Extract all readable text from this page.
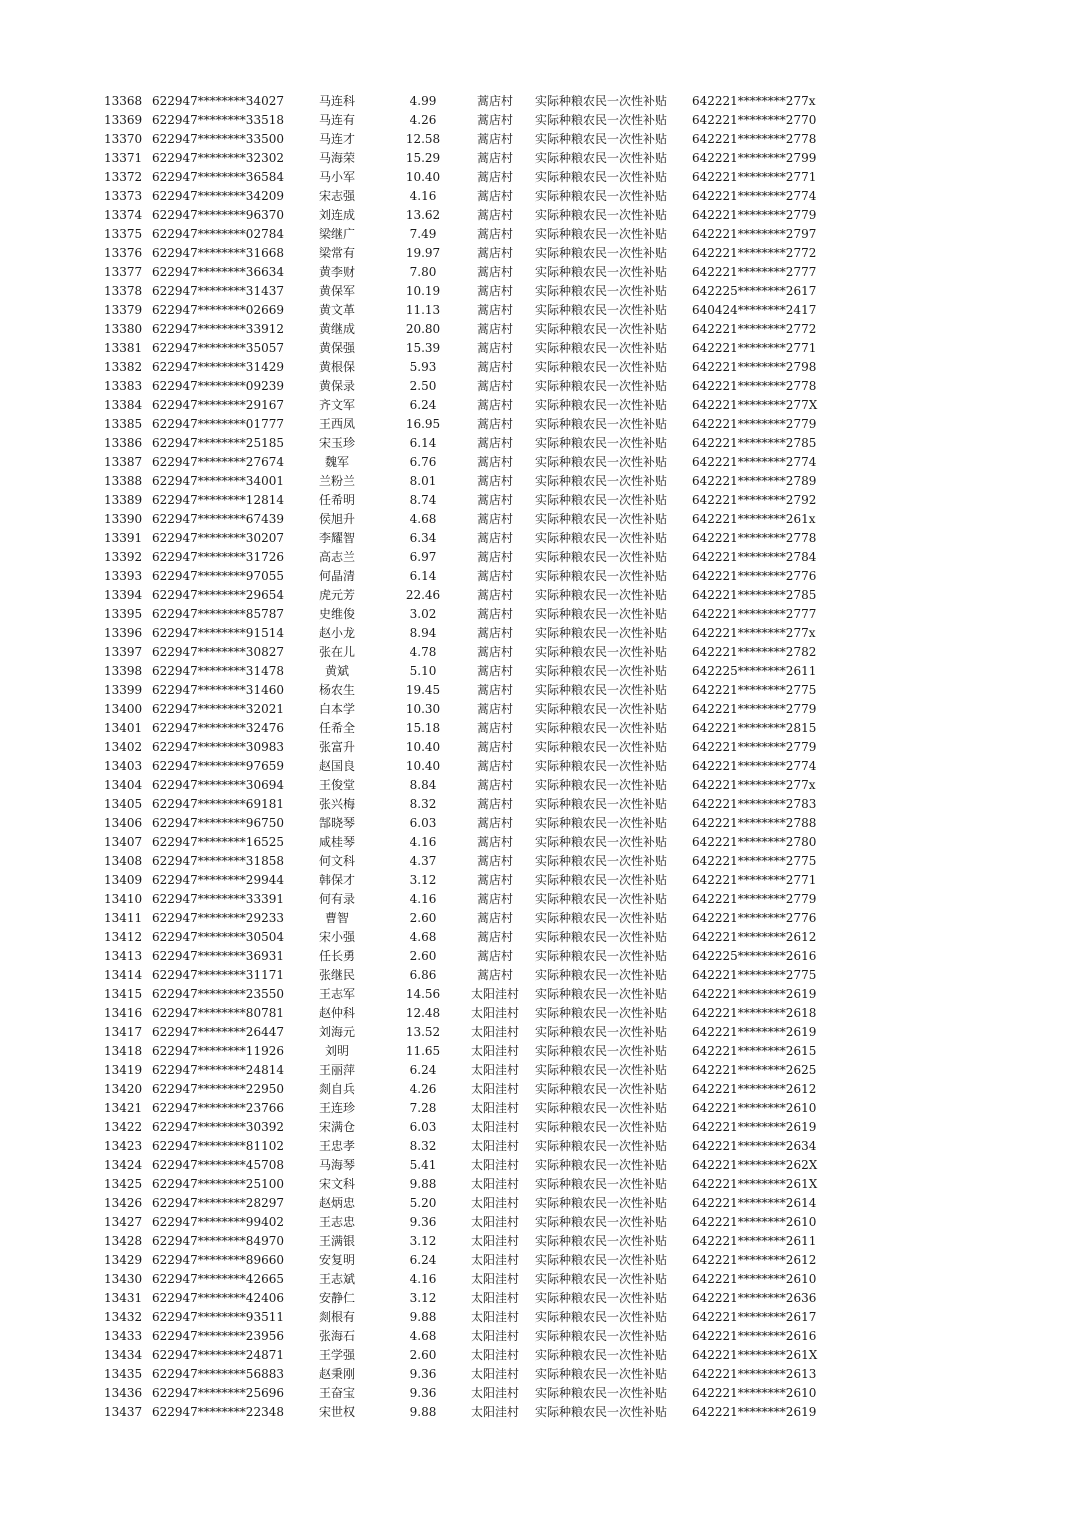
13368 622947********34027	马连科	4.99	蒿店村	实际种粮农民一次性补贴 642221********277x
13369 622947********33518	马连有	4.26	蒿店村	实际种粮农民一次性补贴 642221********2770
13370 622947********33500	马连才	12.58	蒿店村	实际种粮农民一次性补贴 642221********2778
13371 622947********32302	马海荣	15.29	蒿店村	实际种粮农民一次性补贴 642221********2799
13372 622947********36584	马小军	10.40	蒿店村	实际种粮农民一次性补贴 642221********2771
13373 622947********34209	宋志强	4.16	蒿店村	实际种粮农民一次性补贴 642221********2774
13374 622947********96370	刘连成	13.62	蒿店村	实际种粮农民一次性补贴 642221********2779
13375 622947********02784	梁继广	7.49	蒿店村	实际种粮农民一次性补贴 642221********2797
13376 622947********31668	梁常有	19.97	蒿店村	实际种粮农民一次性补贴 642221********2772
13377 622947********36634	黄李财	7.80	蒿店村	实际种粮农民一次性补贴 642221********2777
13378 622947********31437	黄保军	10.19	蒿店村	实际种粮农民一次性补贴 642225********2617
13379 622947********02669	黄文革	11.13	蒿店村	实际种粮农民一次性补贴 640424********2417
13380 622947********33912	黄继成	20.80	蒿店村	实际种粮农民一次性补贴 642221********2772
13381 622947********35057	黄保强	15.39	蒿店村	实际种粮农民一次性补贴 642221********2771
13382 622947********31429	黄根保	5.93	蒿店村	实际种粮农民一次性补贴 642221********2798
13383 622947********09239	黄保录	2.50	蒿店村	实际种粮农民一次性补贴 642221********2778
13384 622947********29167	齐文军	6.24	蒿店村	实际种粮农民一次性补贴 642221********277X
13385 622947********01777	王西凤	16.95	蒿店村	实际种粮农民一次性补贴 642221********2779
13386 622947********25185	宋玉珍	6.14	蒿店村	实际种粮农民一次性补贴 642221********2785
13387 622947********27674	魏军	6.76	蒿店村	实际种粮农民一次性补贴 642221********2774
13388 622947********34001	兰粉兰	8.01	蒿店村	实际种粮农民一次性补贴 642221********2789
13389 622947********12814	任希明	8.74	蒿店村	实际种粮农民一次性补贴 642221********2792
13390 622947********67439	侯旭升	4.68	蒿店村	实际种粮农民一次性补贴 642221********261x
13391 622947********30207	李耀智	6.34	蒿店村	实际种粮农民一次性补贴 642221********2778
13392 622947********31726	高志兰	6.97	蒿店村	实际种粮农民一次性补贴 642221********2784
13393 622947********97055	何晶清	6.14	蒿店村	实际种粮农民一次性补贴 642221********2776
13394 622947********29654	虎元芳	22.46	蒿店村	实际种粮农民一次性补贴 642221********2785
13395 622947********85787	史维俊	3.02	蒿店村	实际种粮农民一次性补贴 642221********2777
13396 622947********91514	赵小龙	8.94	蒿店村	实际种粮农民一次性补贴 642221********277x
13397 622947********30827	张在儿	4.78	蒿店村	实际种粮农民一次性补贴 642221********2782
13398 622947********31478	黄斌	5.10	蒿店村	实际种粮农民一次性补贴 642225********2611
13399 622947********31460	杨农生	19.45	蒿店村	实际种粮农民一次性补贴 642221********2775
13400 622947********32021	白本学	10.30	蒿店村	实际种粮农民一次性补贴 642221********2779
13401 622947********32476	任希全	15.18	蒿店村	实际种粮农民一次性补贴 642221********2815
13402 622947********30983	张富升	10.40	蒿店村	实际种粮农民一次性补贴 642221********2779
13403 622947********97659	赵国良	10.40	蒿店村	实际种粮农民一次性补贴 642221********2774
13404 622947********30694	王俊堂	8.84	蒿店村	实际种粮农民一次性补贴 642221********277x
13405 622947********69181	张兴梅	8.32	蒿店村	实际种粮农民一次性补贴 642221********2783
13406 622947********96750	郜晓琴	6.03	蒿店村	实际种粮农民一次性补贴 642221********2788
13407 622947********16525	咸桂琴	4.16	蒿店村	实际种粮农民一次性补贴 642221********2780
13408 622947********31858	何文科	4.37	蒿店村	实际种粮农民一次性补贴 642221********2775
13409 622947********29944	韩保才	3.12	蒿店村	实际种粮农民一次性补贴 642221********2771
13410 622947********33391	何有录	4.16	蒿店村	实际种粮农民一次性补贴 642221********2779
13411 622947********29233	曹智	2.60	蒿店村	实际种粮农民一次性补贴 642221********2776
13412 622947********30504	宋小强	4.68	蒿店村	实际种粮农民一次性补贴 642221********2612
13413 622947********36931	任长勇	2.60	蒿店村	实际种粮农民一次性补贴 642225********2616
13414 622947********31171	张继民	6.86	蒿店村	实际种粮农民一次性补贴 642221********2775
13415 622947********23550	王志军	14.56	太阳洼村	实际种粮农民一次性补贴 642221********2619
13416 622947********80781	赵仲科	12.48	太阳洼村	实际种粮农民一次性补贴 642221********2618
13417 622947********26447	刘海元	13.52	太阳洼村	实际种粮农民一次性补贴 642221********2619
13418 622947********11926	刘明	11.65	太阳洼村	实际种粮农民一次性补贴 642221********2615
13419 622947********24814	王丽萍	6.24	太阳洼村	实际种粮农民一次性补贴 642221********2625
13420 622947********22950	剡自兵	4.26	太阳洼村	实际种粮农民一次性补贴 642221********2612
13421 622947********23766	王连珍	7.28	太阳洼村	实际种粮农民一次性补贴 642221********2610
13422 622947********30392	宋满仓	6.03	太阳洼村	实际种粮农民一次性补贴 642221********2619
13423 622947********81102	王忠孝	8.32	太阳洼村	实际种粮农民一次性补贴 642221********2634
13424 622947********45708	马海琴	5.41	太阳洼村	实际种粮农民一次性补贴 642221********262X
13425 622947********25100	宋文科	9.88	太阳洼村	实际种粮农民一次性补贴 642221********261X
13426 622947********28297	赵炳忠	5.20	太阳洼村	实际种粮农民一次性补贴 642221********2614
13427 622947********99402	王志忠	9.36	太阳洼村	实际种粮农民一次性补贴 642221********2610
13428 622947********84970	王满银	3.12	太阳洼村	实际种粮农民一次性补贴 642221********2611
13429 622947********89660	安复明	6.24	太阳洼村	实际种粮农民一次性补贴 642221********2612
13430 622947********42665	王志斌	4.16	太阳洼村	实际种粮农民一次性补贴 642221********2610
13431 622947********42406	安静仁	3.12	太阳洼村	实际种粮农民一次性补贴 642221********2636
13432 622947********93511	剡根有	9.88	太阳洼村	实际种粮农民一次性补贴 642221********2617
13433 622947********23956	张海石	4.68	太阳洼村	实际种粮农民一次性补贴 642221********2616
13434 622947********24871	王学强	2.60	太阳洼村	实际种粮农民一次性补贴 642221********261X
13435 622947********56883	赵秉刚	9.36	太阳洼村	实际种粮农民一次性补贴 642221********2613
13436 622947********25696	王奋宝	9.36	太阳洼村	实际种粮农民一次性补贴 642221********2610
13437 622947********22348	宋世权	9.88	太阳洼村	实际种粮农民一次性补贴 642221********2619
